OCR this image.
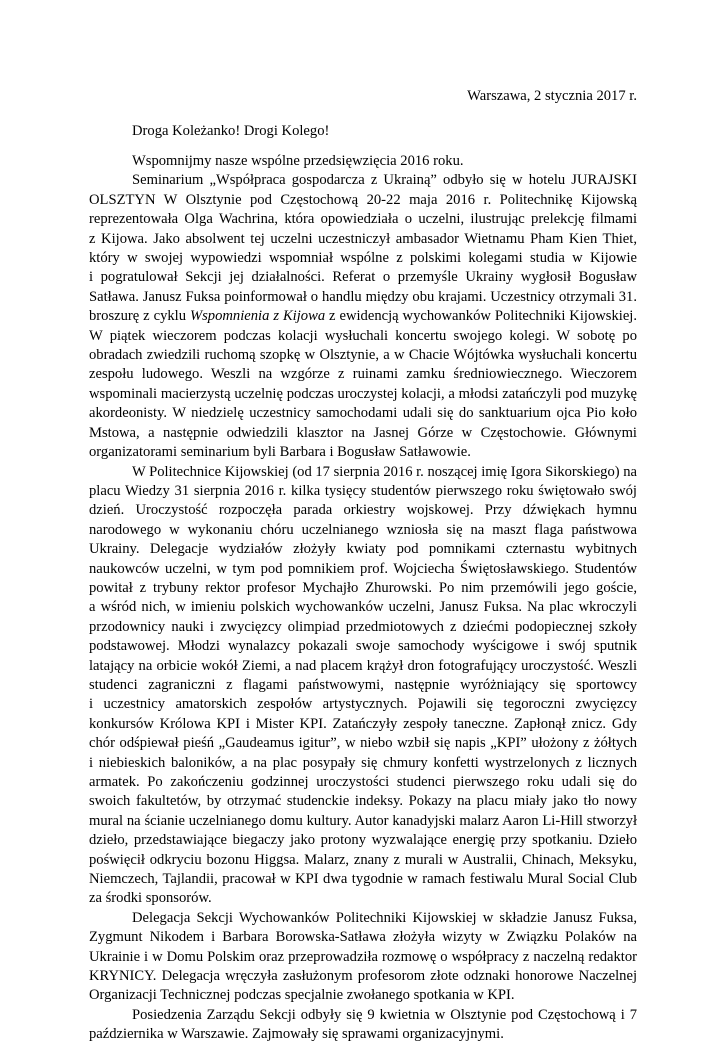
Warszawa, 2 stycznia 2017 r.
Droga Koleżanko! Drogi Kolego!
Wspomnijmy nasze wspólne przedsięwzięcia 2016 roku.
Seminarium „Współpraca gospodarcza z Ukrainą” odbyło się w hotelu JURAJSKI
OLSZTYN W Olsztynie pod Częstochową 20-22 maja 2016 r. Politechnikę Kijowską
reprezentowała Olga Wachrina, która opowiedziała o uczelni, ilustrując prelekcję filmami
z Kijowa. Jako absolwent tej uczelni uczestniczył ambasador Wietnamu Pham Kien Thiet,
który w swojej wypowiedzi wspomniał wspólne z polskimi kolegami studia w Kijowie
i pogratulował Sekcji jej działalności. Referat o przemyśle Ukrainy wygłosił Bogusław
Satława. Janusz Fuksa poinformował o handlu między obu krajami. Uczestnicy otrzymali 31.
broszurę z cyklu Wspomnienia z Kijowa z ewidencją wychowanków Politechniki Kijowskiej.
W piątek wieczorem podczas kolacji wysłuchali koncertu swojego kolegi. W sobotę po
obradach zwiedzili ruchomą szopkę w Olsztynie, a w Chacie Wójtówka wysłuchali koncertu
zespołu ludowego. Weszli na wzgórze z ruinami zamku średniowiecznego. Wieczorem
wspominali macierzystą uczelnię podczas uroczystej kolacji, a młodsi zatańczyli pod muzykę
akordeonisty. W niedzielę uczestnicy samochodami udali się do sanktuarium ojca Pio koło
Mstowa, a następnie odwiedzili klasztor na Jasnej Górze w Częstochowie. Głównymi
organizatorami seminarium byli Barbara i Bogusław Satławowie.
W Politechnice Kijowskiej (od 17 sierpnia 2016 r. noszącej imię Igora Sikorskiego) na
placu Wiedzy 31 sierpnia 2016 r. kilka tysięcy studentów pierwszego roku świętowało swój
dzień. Uroczystość rozpoczęła parada orkiestry wojskowej. Przy dźwiękach hymnu
narodowego w wykonaniu chóru uczelnianego wzniosła się na maszt flaga państwowa
Ukrainy. Delegacje wydziałów złożyły kwiaty pod pomnikami czternastu wybitnych
naukowców uczelni, w tym pod pomnikiem prof. Wojciecha Świętosławskiego. Studentów
powitał z trybuny rektor profesor Mychajło Zhurowski. Po nim przemówili jego goście,
a wśród nich, w imieniu polskich wychowanków uczelni, Janusz Fuksa. Na plac wkroczyli
przodownicy nauki i zwycięzcy olimpiad przedmiotowych z dziećmi podopiecznej szkoły
podstawowej. Młodzi wynalazcy pokazali swoje samochody wyścigowe i swój sputnik
latający na orbicie wokół Ziemi, a nad placem krążył dron fotografujący uroczystość. Weszli
studenci zagraniczni z flagami państwowymi, następnie wyróżniający się sportowcy
i uczestnicy amatorskich zespołów artystycznych. Pojawili się tegoroczni zwycięzcy
konkursów Królowa KPI i Mister KPI. Zatańczyły zespoły taneczne. Zapłonął znicz. Gdy
chór odśpiewał pieśń „Gaudeamus igitur”, w niebo wzbił się napis „KPI” ułożony z żółtych
i niebieskich baloników, a na plac posypały się chmury konfetti wystrzelonych z licznych
armatek. Po zakończeniu godzinnej uroczystości studenci pierwszego roku udali się do
swoich fakultetów, by otrzymać studenckie indeksy. Pokazy na placu miały jako tło nowy
mural na ścianie uczelnianego domu kultury. Autor kanadyjski malarz Aaron Li-Hill stworzył
dzieło, przedstawiające biegaczy jako protony wyzwalające energię przy spotkaniu. Dzieło
poświęcił odkryciu bozonu Higgsa. Malarz, znany z murali w Australii, Chinach, Meksyku,
Niemczech, Tajlandii, pracował w KPI dwa tygodnie w ramach festiwalu Mural Social Club
za środki sponsorów.
Delegacja Sekcji Wychowanków Politechniki Kijowskiej w składzie Janusz Fuksa,
Zygmunt Nikodem i Barbara Borowska-Satława złożyła wizyty w Związku Polaków na
Ukrainie i w Domu Polskim oraz przeprowadziła rozmowę o współpracy z naczelną redaktor
KRYNICY. Delegacja wręczyła zasłużonym profesorom złote odznaki honorowe Naczelnej
Organizacji Technicznej podczas specjalnie zwołanego spotkania w KPI.
Posiedzenia Zarządu Sekcji odbyły się 9 kwietnia w Olsztynie pod Częstochową i 7
października w Warszawie. Zajmowały się sprawami organizacyjnymi.
